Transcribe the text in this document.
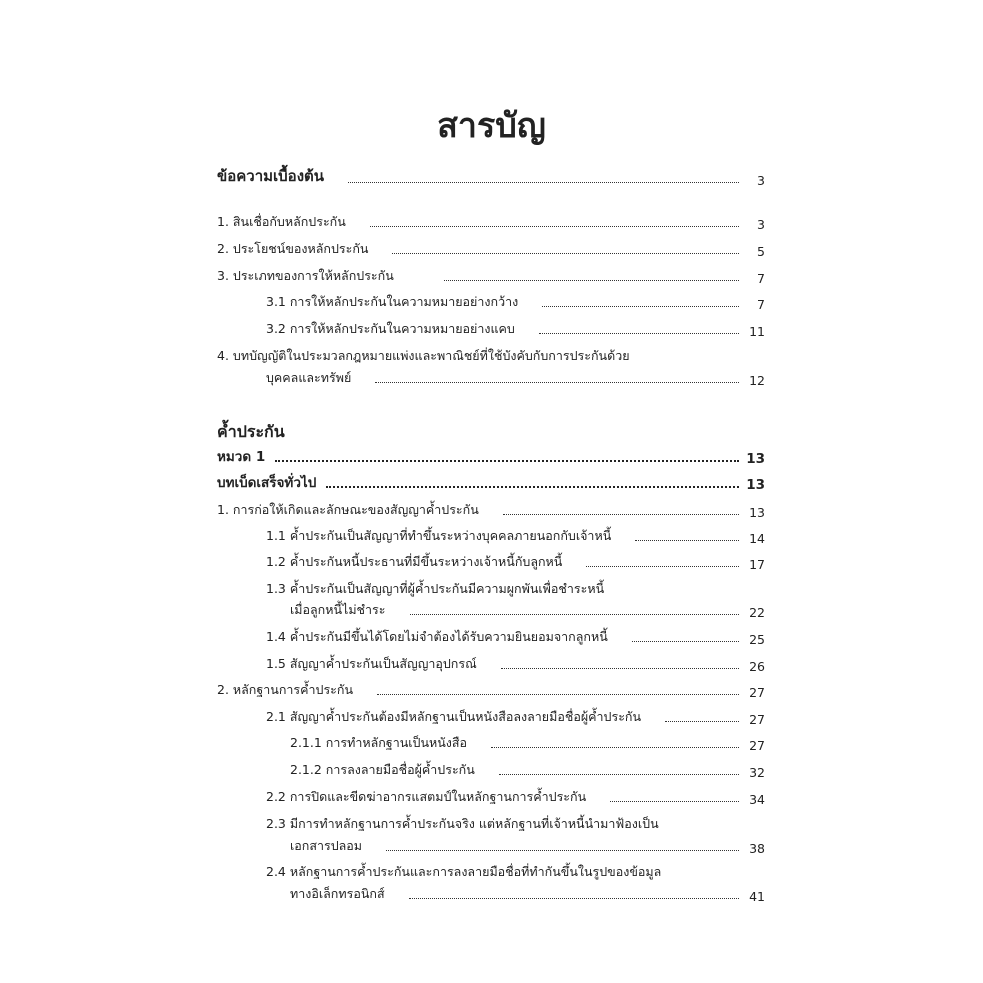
สารบัญ
ข้อความเบื้องต้น	3
1. สินเชื่อกับหลักประกัน	3
2. ประโยชน์ของหลักประกัน	5
3. ประเภทของการให้หลักประกัน	7
3.1 การให้หลักประกันในความหมายอย่างกว้าง	7
3.2 การให้หลักประกันในความหมายอย่างแคบ	11
4. บทบัญญัติในประมวลกฎหมายแพ่งและพาณิชย์ที่ใช้บังคับกับการประกันด้วย
บุคคลและทรัพย์	12
ค้ำประกัน
หมวด 1	13
บทเบ็ดเสร็จทั่วไป	13
1. การก่อให้เกิดและลักษณะของสัญญาค้ำประกัน	13
1.1 ค้ำประกันเป็นสัญญาที่ทำขึ้นระหว่างบุคคลภายนอกกับเจ้าหนี้	14
1.2 ค้ำประกันหนี้ประธานที่มีขึ้นระหว่างเจ้าหนี้กับลูกหนี้	17
1.3 ค้ำประกันเป็นสัญญาที่ผู้ค้ำประกันมีความผูกพันเพื่อชำระหนี้
เมื่อลูกหนี้ไม่ชำระ	22
1.4 ค้ำประกันมีขึ้นได้โดยไม่จำต้องได้รับความยินยอมจากลูกหนี้	25
1.5 สัญญาค้ำประกันเป็นสัญญาอุปกรณ์	26
2. หลักฐานการค้ำประกัน	27
2.1 สัญญาค้ำประกันต้องมีหลักฐานเป็นหนังสือลงลายมือชื่อผู้ค้ำประกัน	27
2.1.1 การทำหลักฐานเป็นหนังสือ	27
2.1.2 การลงลายมือชื่อผู้ค้ำประกัน	32
2.2 การปิดและขีดฆ่าอากรแสตมป์ในหลักฐานการค้ำประกัน	34
2.3 มีการทำหลักฐานการค้ำประกันจริง แต่หลักฐานที่เจ้าหนี้นำมาฟ้องเป็น
เอกสารปลอม	38
2.4 หลักฐานการค้ำประกันและการลงลายมือชื่อที่ทำกันขึ้นในรูปของข้อมูล
ทางอิเล็กทรอนิกส์	41
